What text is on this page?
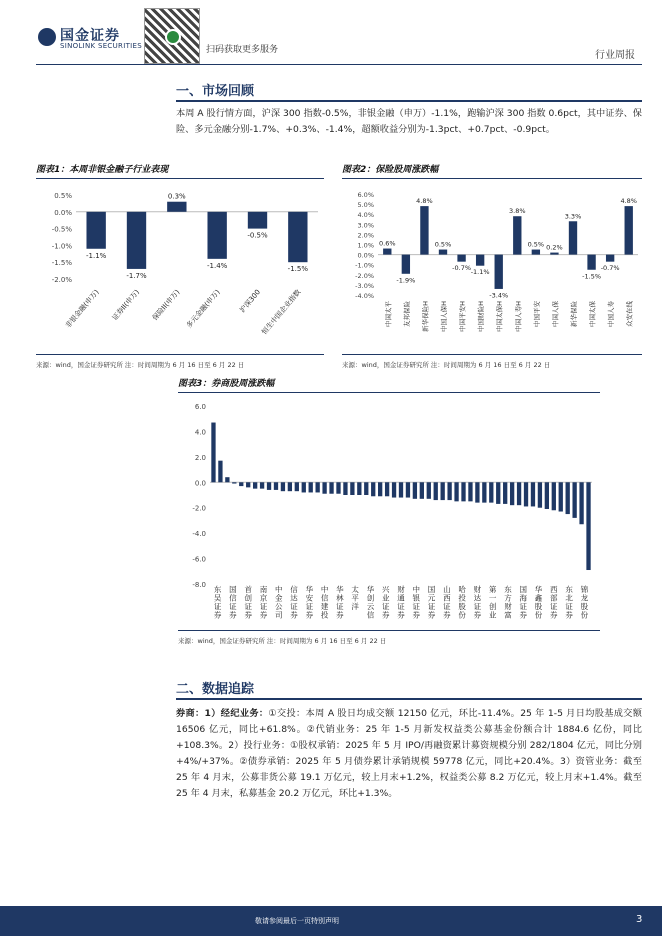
国金证券
SINOLINK SECURITIES	扫码获取更多服务	行业周报
一、市场回顾
本周 A 股行情方面，沪深 300 指数-0.5%，非银金融（申万）-1.1%，跑输沪深 300 指数 0.6pct，其中证券、保险、多元金融分别-1.7%、+0.3%、-1.4%，超额收益分别为-1.3pct、+0.7pct、-0.9pct。
图表1：本周非银金融子行业表现
0.5%
0.0%
-0.5%
-1.0%
-1.5%
-2.0%
-1.1%
-1.7%
0.3%
-1.4%
-0.5%
-1.5%
非银金融(申万) 证券II(申万) 保险II(申万) 多元金融(申万) 沪深300
恒生中国企业指数
来源：wind，国金证券研究所 注：时间周期为 6 月 16 日至 6 月 22 日
图表2：保险股周涨跌幅
6.0%
5.0%
4.0%
3.0%
2.0%
1.0%
0.0%
-1.0%
-2.0%
-3.0%
-4.0%
0.6%
-1.9%
4.8%
0.5%
-0.7%
-1.1%
-3.4%
3.8%
0.5% 0.2%
3.3%
-1.5%
-0.7%
4.8%
中国太平 友邦保险 新华保险H 中国人保H 中国平安H 中国财险H 中国太保H 中国人寿H 中国平安 中国人保 新华保险 中国太保 中国人寿 众安在线
来源：wind，国金证券研究所 注：时间周期为 6 月 16 日至 6 月 22 日
图表3：券商股周涨跌幅
6.0
4.0
2.0
0.0
-2.0
-4.0
-6.0
-8.0 东吴证券
国信证券
首创证券
南京证券
中金公司
信达证券
华安证券
中信建投
华林证券
太平洋
华创云信
兴业证券
财通证券
中银证券
国元证券
山西证券
哈投股份
财达证券
第一创业
东方财富
国海证券
华鑫股份
西部证券
东北证券
锦龙股份
来源：wind，国金证券研究所 注：时间周期为 6 月 16 日至 6 月 22 日
二、数据追踪
券商：1）经纪业务：①交投：本周 A 股日均成交额 12150 亿元，环比-11.4%。25 年 1-5 月日均股基成交额 16506 亿元，同比+61.8%。②代销业务：25 年 1-5 月新发权益类公募基金份额合计 1884.6 亿份，同比+108.3%。2）投行业务：①股权承销：2025 年 5 月 IPO/再融资累计募资规模分别 282/1804 亿元，同比分别+4%/+37%。②债券承销：2025 年 5 月债券累计承销规模 59778 亿元，同比+20.4%。3）资管业务：截至 25 年 4 月末，公募非货公募 19.1 万亿元，较上月末+1.2%，权益类公募 8.2 万亿元，较上月末+1.4%。截至 25 年 4 月末，私募基金 20.2 万亿元，环比+1.3%。
敬请参阅最后一页特别声明	3
